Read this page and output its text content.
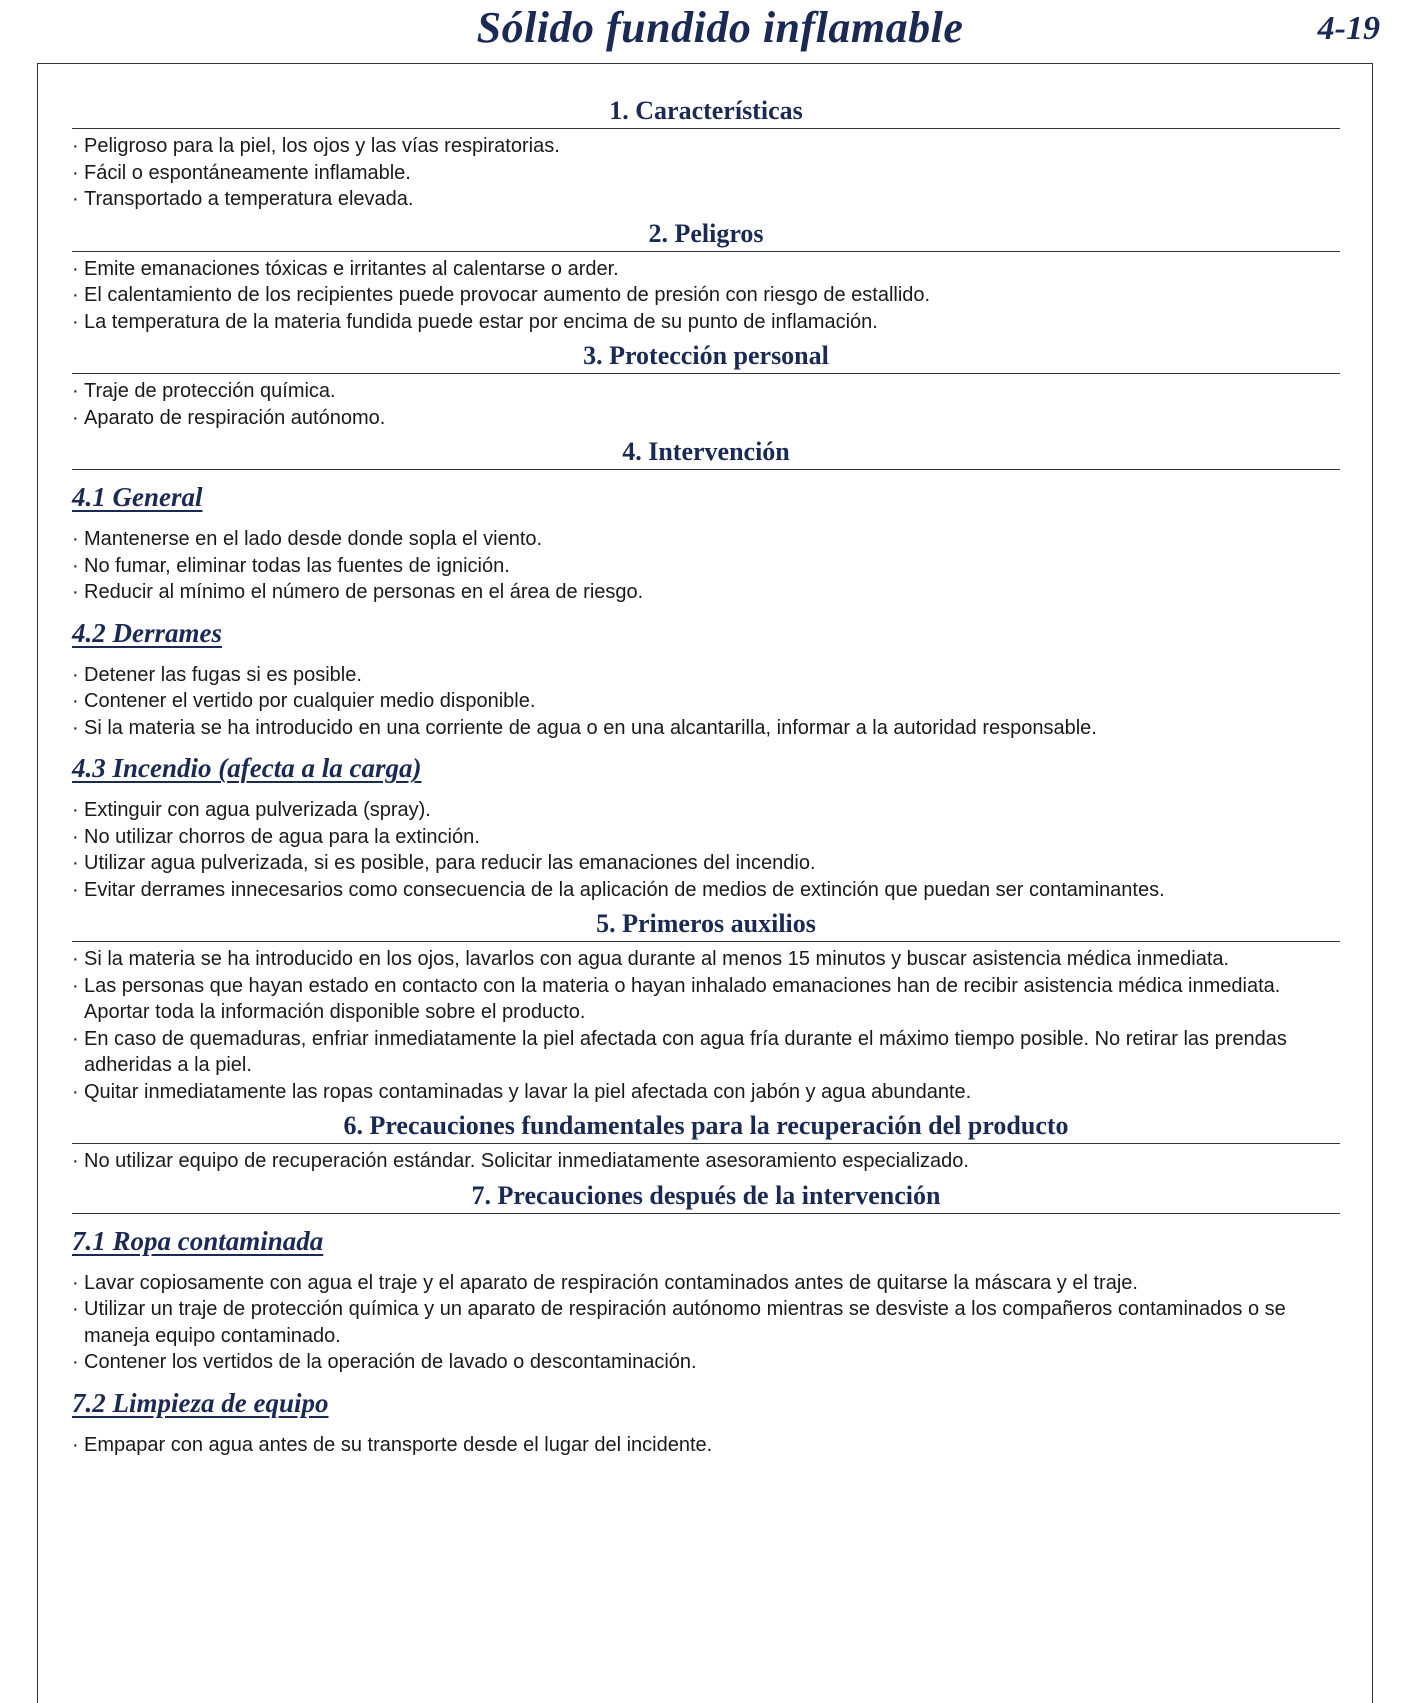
Sólido fundido inflamable	4-19
1. Características
· Peligroso para la piel, los ojos y las vías respiratorias.
· Fácil o espontáneamente inflamable.
· Transportado a temperatura elevada.
2. Peligros
· Emite emanaciones tóxicas e irritantes al calentarse o arder.
· El calentamiento de los recipientes puede provocar aumento de presión con riesgo de estallido.
· La temperatura de la materia fundida puede estar por encima de su punto de inflamación.
3. Protección personal
· Traje de protección química.
· Aparato de respiración autónomo.
4. Intervención
4.1 General
· Mantenerse en el lado desde donde sopla el viento.
· No fumar, eliminar todas las fuentes de ignición.
· Reducir al mínimo el número de personas en el área de riesgo.
4.2 Derrames
· Detener las fugas si es posible.
· Contener el vertido por cualquier medio disponible.
· Si la materia se ha introducido en una corriente de agua o en una alcantarilla, informar a la autoridad responsable.
4.3 Incendio (afecta a la carga)
· Extinguir con agua pulverizada (spray).
· No utilizar chorros de agua para la extinción.
· Utilizar agua pulverizada, si es posible, para reducir las emanaciones del incendio.
· Evitar derrames innecesarios como consecuencia de la aplicación de medios de extinción que puedan ser contaminantes.
5. Primeros auxilios
· Si la materia se ha introducido en los ojos, lavarlos con agua durante al menos 15 minutos y buscar asistencia médica inmediata.
· Las personas que hayan estado en contacto con la materia o hayan inhalado emanaciones han de recibir asistencia médica inmediata. Aportar toda la información disponible sobre el producto.
· En caso de quemaduras, enfriar inmediatamente la piel afectada con agua fría durante el máximo tiempo posible. No retirar las prendas adheridas a la piel.
· Quitar inmediatamente las ropas contaminadas y lavar la piel afectada con jabón y agua abundante.
6. Precauciones fundamentales para la recuperación del producto
· No utilizar equipo de recuperación estándar. Solicitar inmediatamente asesoramiento especializado.
7. Precauciones después de la intervención
7.1 Ropa contaminada
· Lavar copiosamente con agua el traje y el aparato de respiración contaminados antes de quitarse la máscara y el traje.
· Utilizar un traje de protección química y un aparato de respiración autónomo mientras se desviste a los compañeros contaminados o se maneja equipo contaminado.
· Contener los vertidos de la operación de lavado o descontaminación.
7.2 Limpieza de equipo
· Empapar con agua antes de su transporte desde el lugar del incidente.
